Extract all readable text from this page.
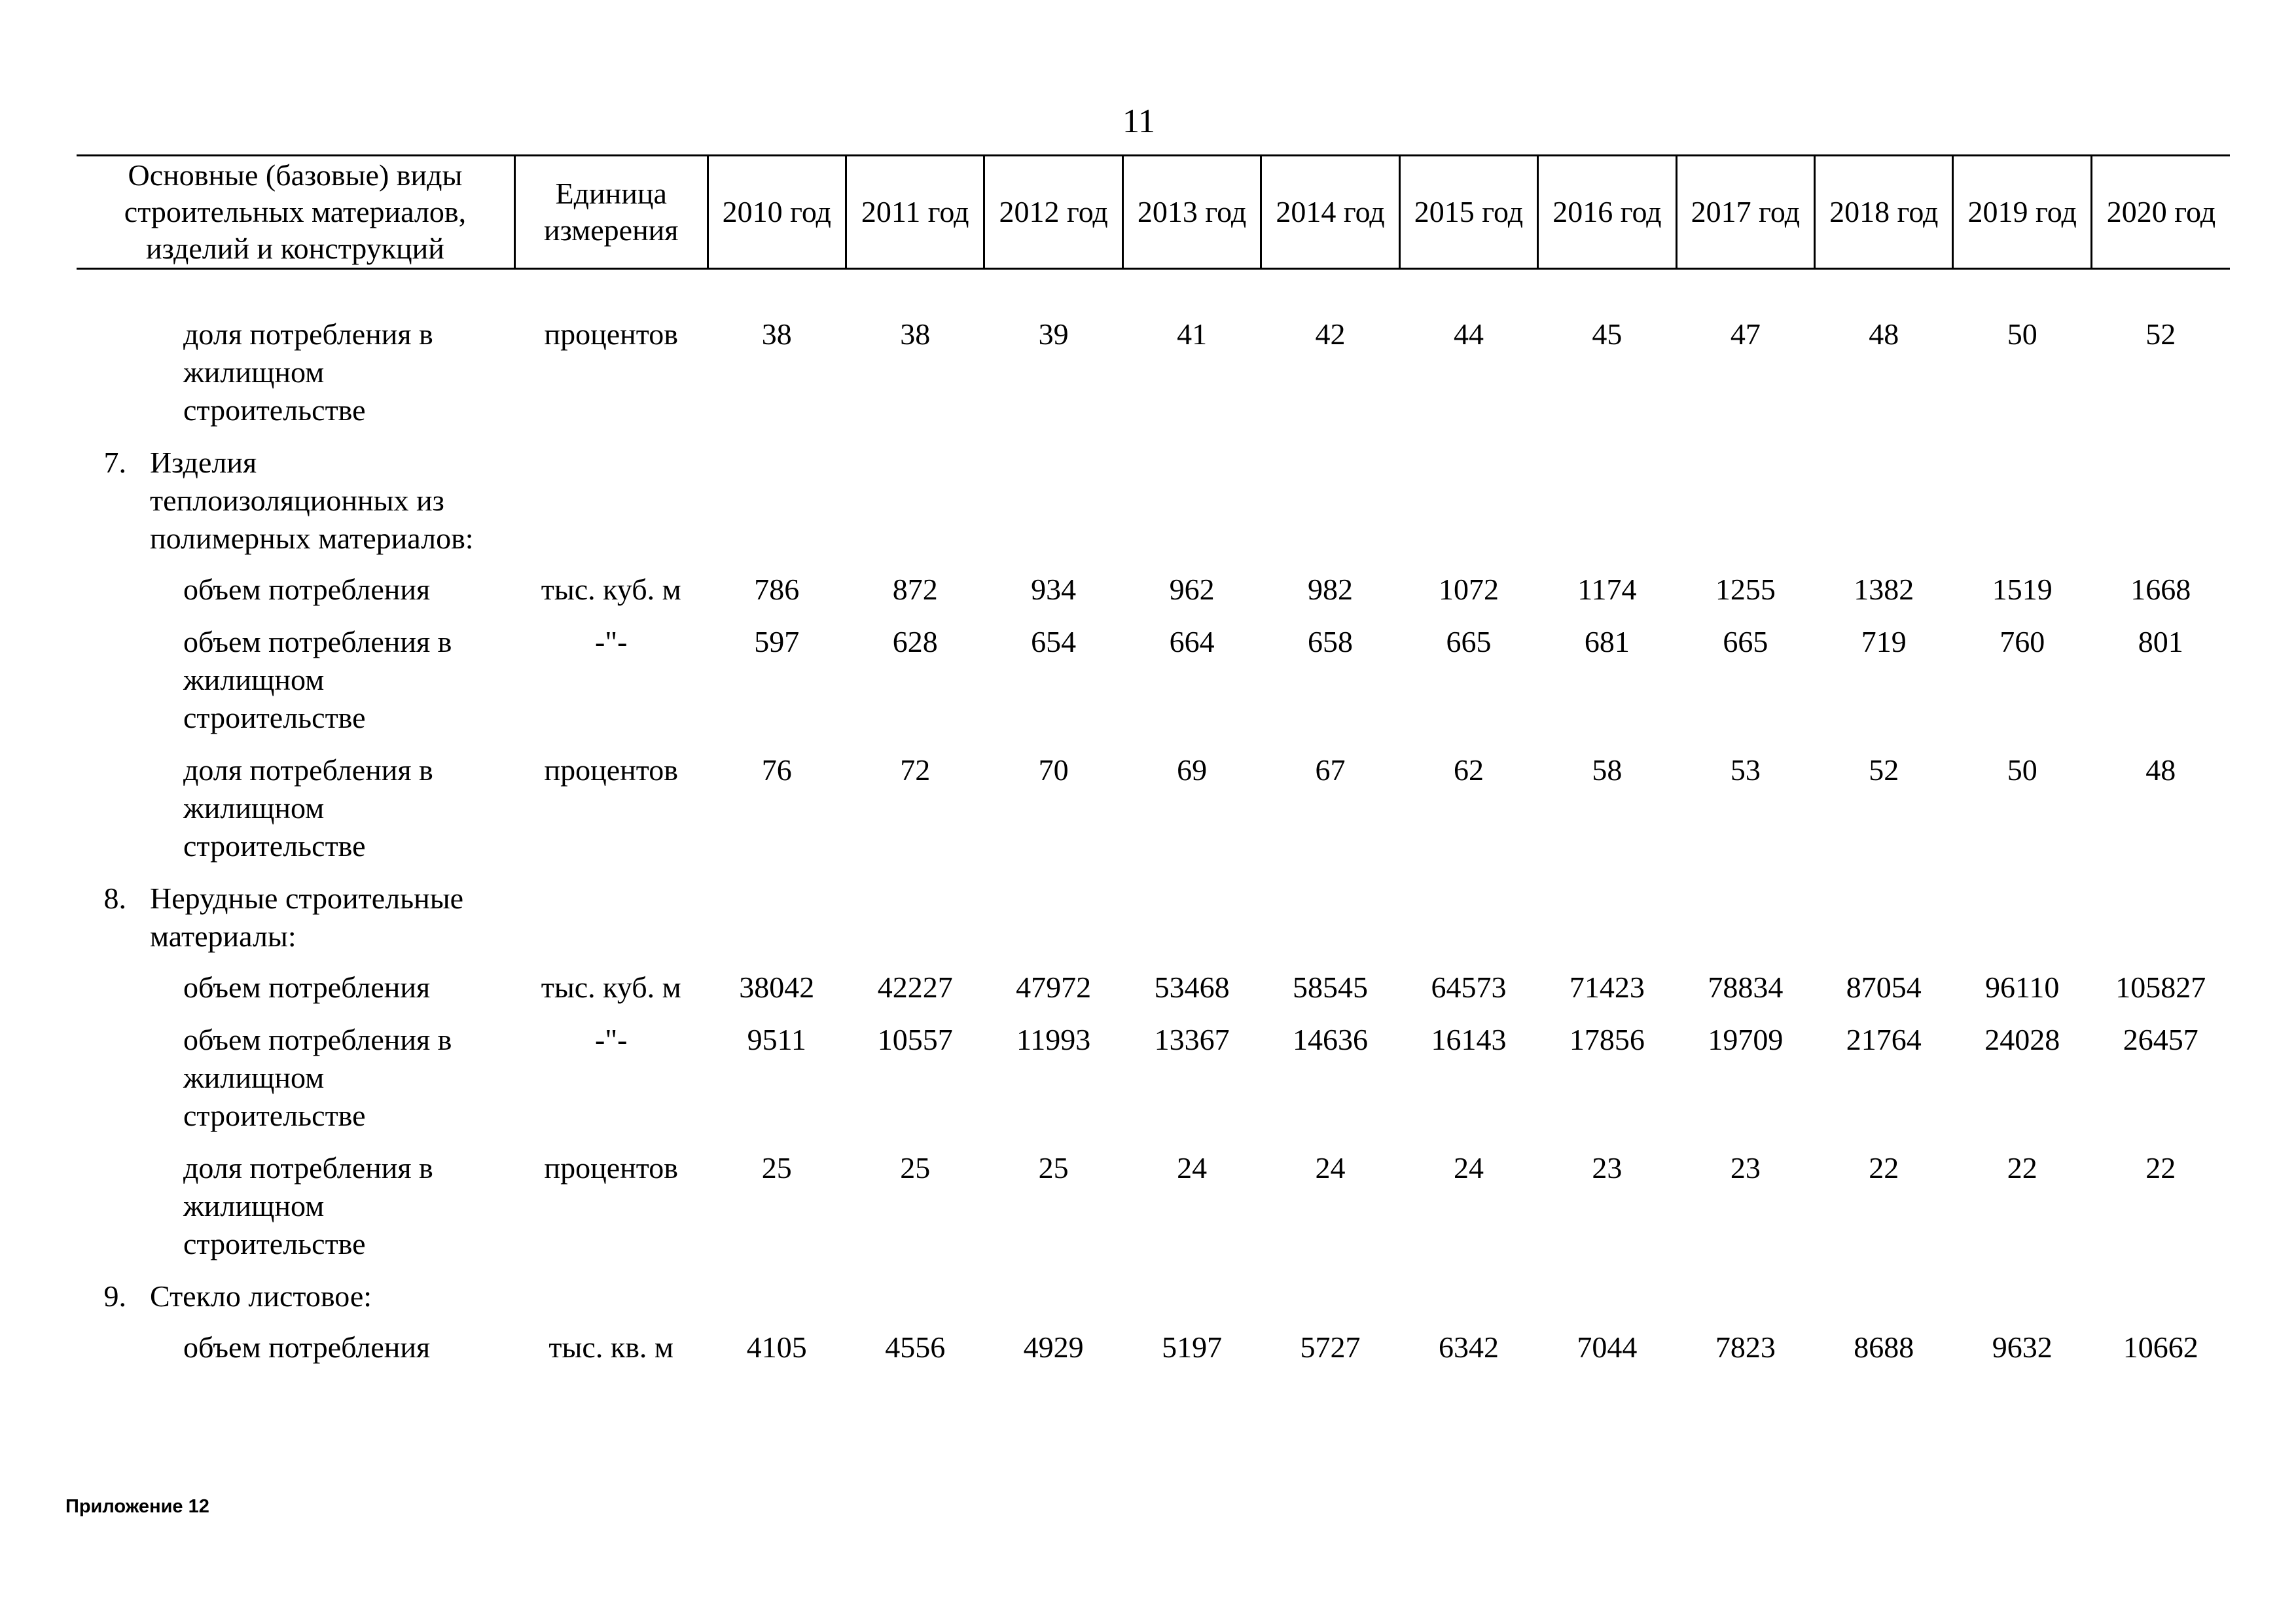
11
Основные (базовые) виды строительных материалов, изделий и конструкций	Единица измерения	2010 год	2011 год	2012 год	2013 год	2014 год	2015 год	2016 год	2017 год	2018 год	2019 год	2020 год

доля потребления в жилищном строительстве	процентов	38	38	39	41	42	44	45	47	48	50	52

7. Изделия теплоизоляционных из полимерных материалов:												

объем потребления	тыс. куб. м	786	872	934	962	982	1072	1174	1255	1382	1519	1668
объем потребления в жилищном строительстве	-"-	597	628	654	664	658	665	681	665	719	760	801
доля потребления в жилищном строительстве	процентов	76	72	70	69	67	62	58	53	52	50	48

8. Нерудные строительные материалы:												

объем потребления	тыс. куб. м	38042	42227	47972	53468	58545	64573	71423	78834	87054	96110	105827
объем потребления в жилищном строительстве	-"-	9511	10557	11993	13367	14636	16143	17856	19709	21764	24028	26457
доля потребления в жилищном строительстве	процентов	25	25	25	24	24	24	23	23	22	22	22

9. Стекло листовое:												

объем потребления	тыс. кв. м	4105	4556	4929	5197	5727	6342	7044	7823	8688	9632	10662
Приложение 12
